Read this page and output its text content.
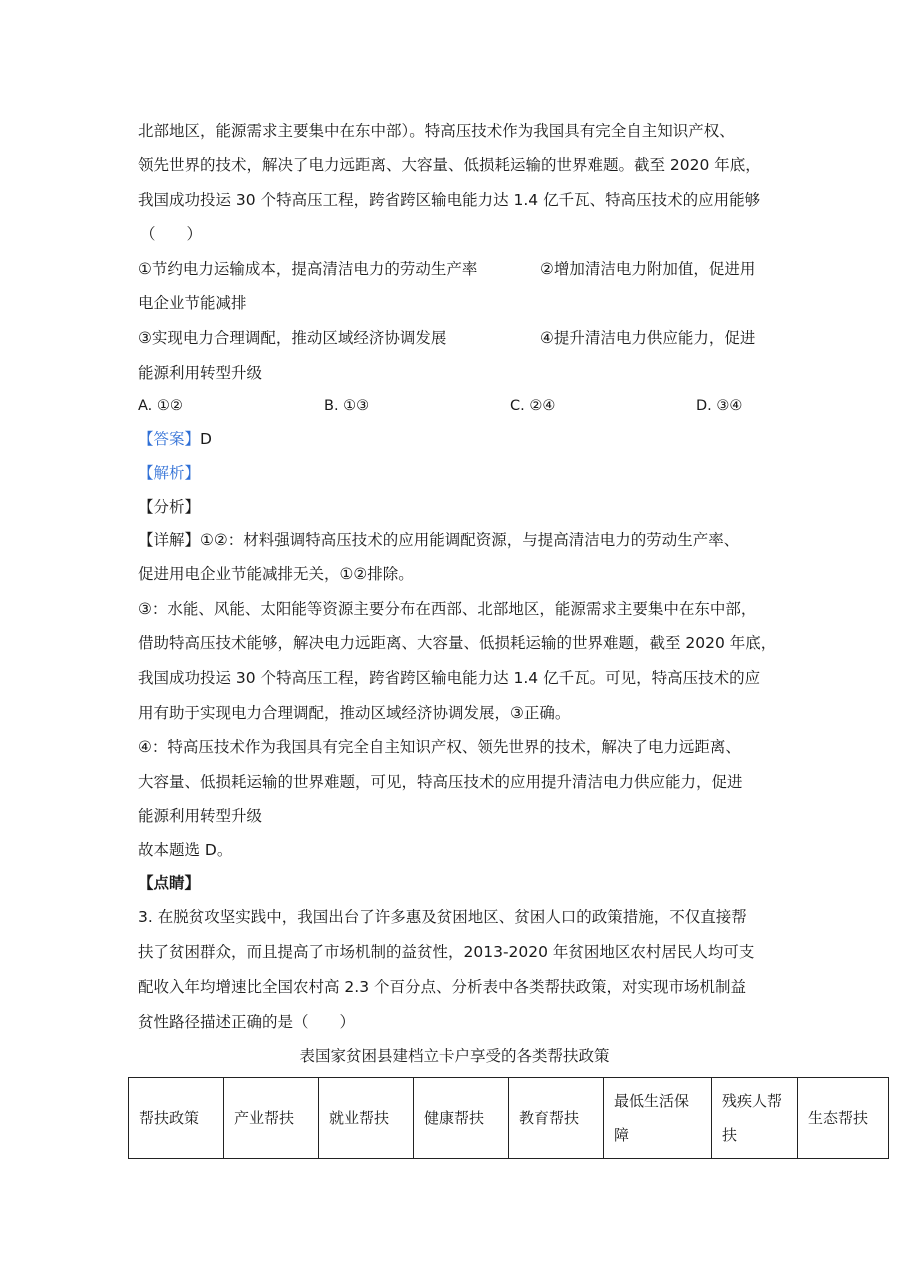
北部地区，能源需求主要集中在东中部）。特高压技术作为我国具有完全自主知识产权、
领先世界的技术，解决了电力远距离、大容量、低损耗运输的世界难题。截至 2020 年底，
我国成功投运 30 个特高压工程，跨省跨区输电能力达 1.4 亿千瓦、特高压技术的应用能够
（　　）
①节约电力运输成本，提高清洁电力的劳动生产率	②增加清洁电力附加值，促进用
电企业节能减排
③实现电力合理调配，推动区域经济协调发展	④提升清洁电力供应能力，促进
能源利用转型升级
A. ①②	B. ①③	C. ②④	D. ③④
【答案】D
【解析】
【分析】
【详解】①②：材料强调特高压技术的应用能调配资源，与提高清洁电力的劳动生产率、
促进用电企业节能减排无关，①②排除。
③：水能、风能、太阳能等资源主要分布在西部、北部地区，能源需求主要集中在东中部，
借助特高压技术能够，解决电力远距离、大容量、低损耗运输的世界难题，截至 2020 年底，
我国成功投运 30 个特高压工程，跨省跨区输电能力达 1.4 亿千瓦。可见，特高压技术的应
用有助于实现电力合理调配，推动区域经济协调发展，③正确。
④：特高压技术作为我国具有完全自主知识产权、领先世界的技术，解决了电力远距离、
大容量、低损耗运输的世界难题，可见，特高压技术的应用提升清洁电力供应能力，促进
能源利用转型升级
故本题选 D。
【点睛】
3. 在脱贫攻坚实践中，我国出台了许多惠及贫困地区、贫困人口的政策措施，不仅直接帮
扶了贫困群众，而且提高了市场机制的益贫性，2013-2020 年贫困地区农村居民人均可支
配收入年均增速比全国农村高 2.3 个百分点、分析表中各类帮扶政策，对实现市场机制益
贫性路径描述正确的是（　　）
表国家贫困县建档立卡户享受的各类帮扶政策
帮扶政策	产业帮扶	就业帮扶	健康帮扶	教育帮扶	最低生活保障	残疾人帮扶	生态帮扶
